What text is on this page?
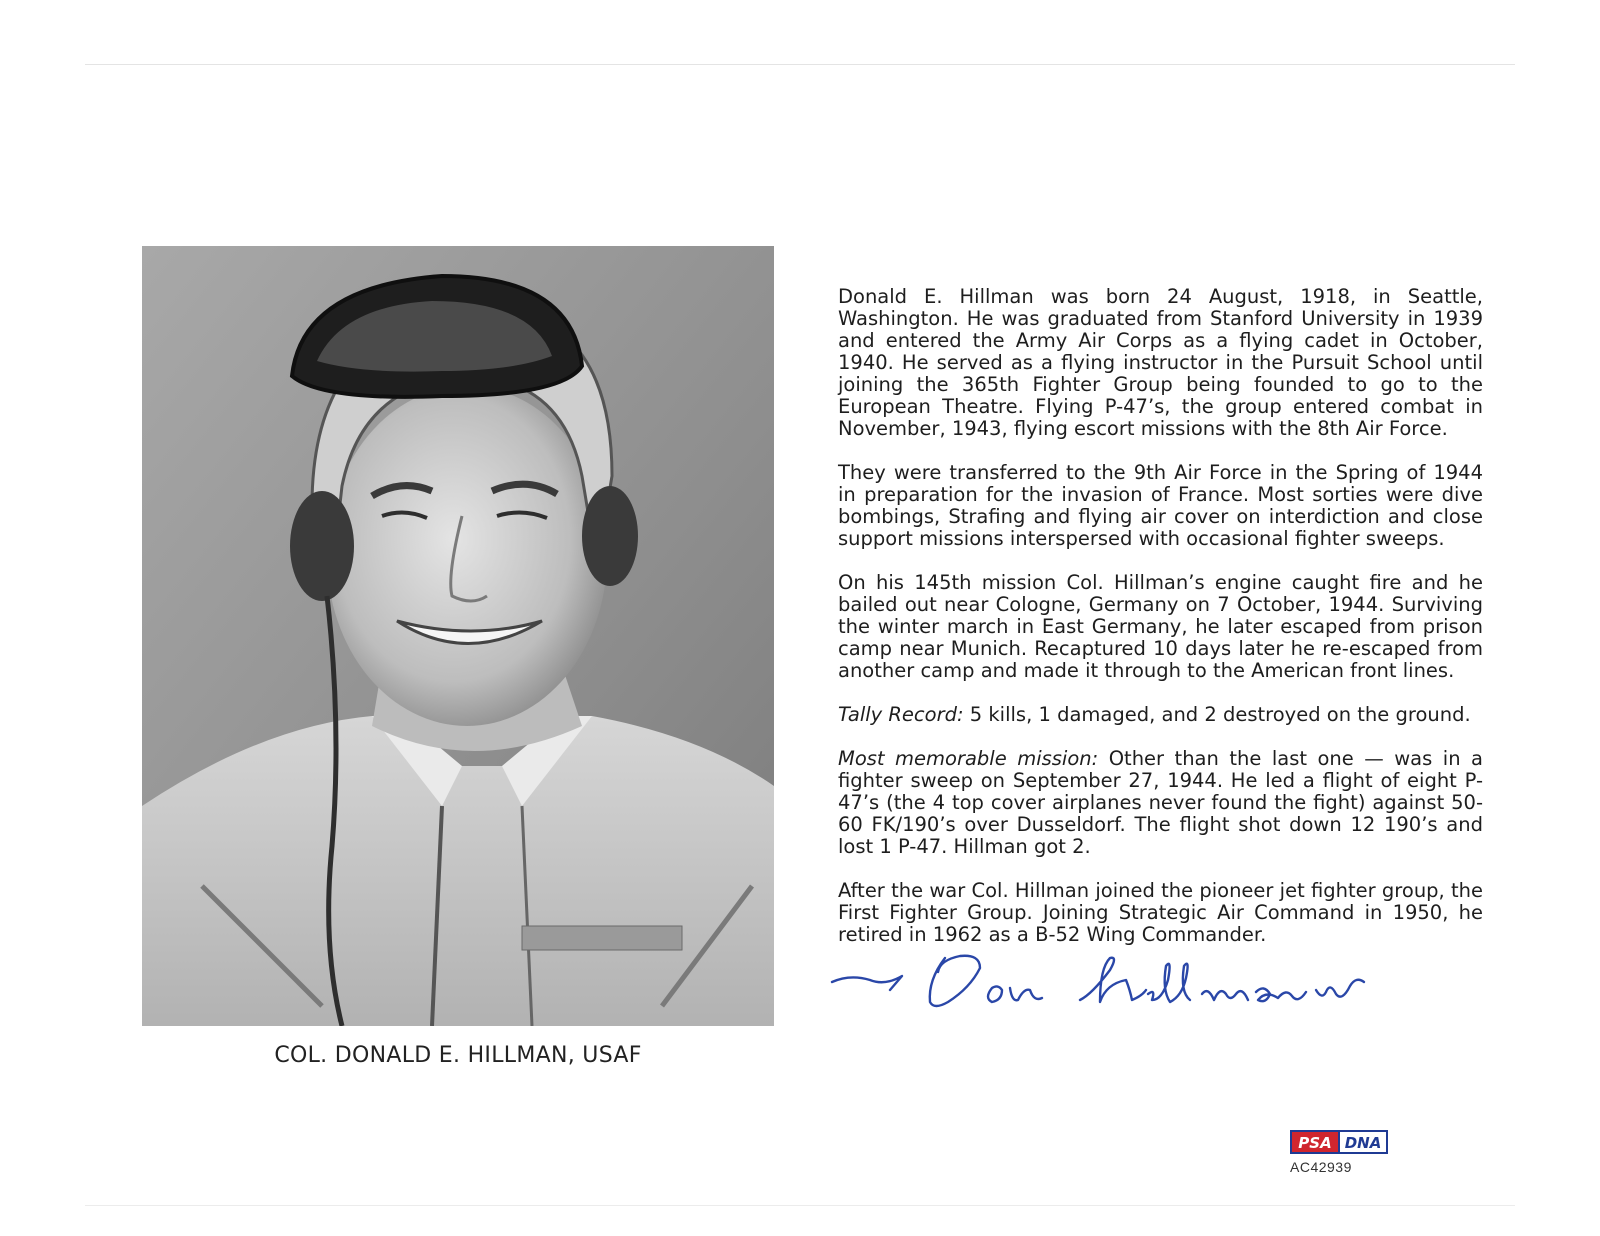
COL. DONALD E. HILLMAN, USAF

Donald E. Hillman was born 24 August, 1918, in Seattle, Washington. He was graduated from Stanford University in 1939 and entered the Army Air Corps as a flying cadet in October, 1940. He served as a flying instructor in the Pursuit School until joining the 365th Fighter Group being founded to go to the European Theatre. Flying P-47’s, the group entered combat in November, 1943, flying escort missions with the 8th Air Force.

They were transferred to the 9th Air Force in the Spring of 1944 in preparation for the invasion of France. Most sorties were dive bombings, Strafing and flying air cover on interdiction and close support missions interspersed with occasional fighter sweeps.

On his 145th mission Col. Hillman’s engine caught fire and he bailed out near Cologne, Germany on 7 October, 1944. Surviving the winter march in East Germany, he later escaped from prison camp near Munich. Recaptured 10 days later he re-escaped from another camp and made it through to the American front lines.

Tally Record: 5 kills, 1 damaged, and 2 destroyed on the ground.

Most memorable mission: Other than the last one — was in a fighter sweep on September 27, 1944. He led a flight of eight P-47’s (the 4 top cover airplanes never found the fight) against 50-60 FK/190’s over Dusseldorf. The flight shot down 12 190’s and lost 1 P-47. Hillman got 2.

After the war Col. Hillman joined the pioneer jet fighter group, the First Fighter Group. Joining Strategic Air Command in 1950, he retired in 1962 as a B-52 Wing Commander.

PSA DNA
AC42939
